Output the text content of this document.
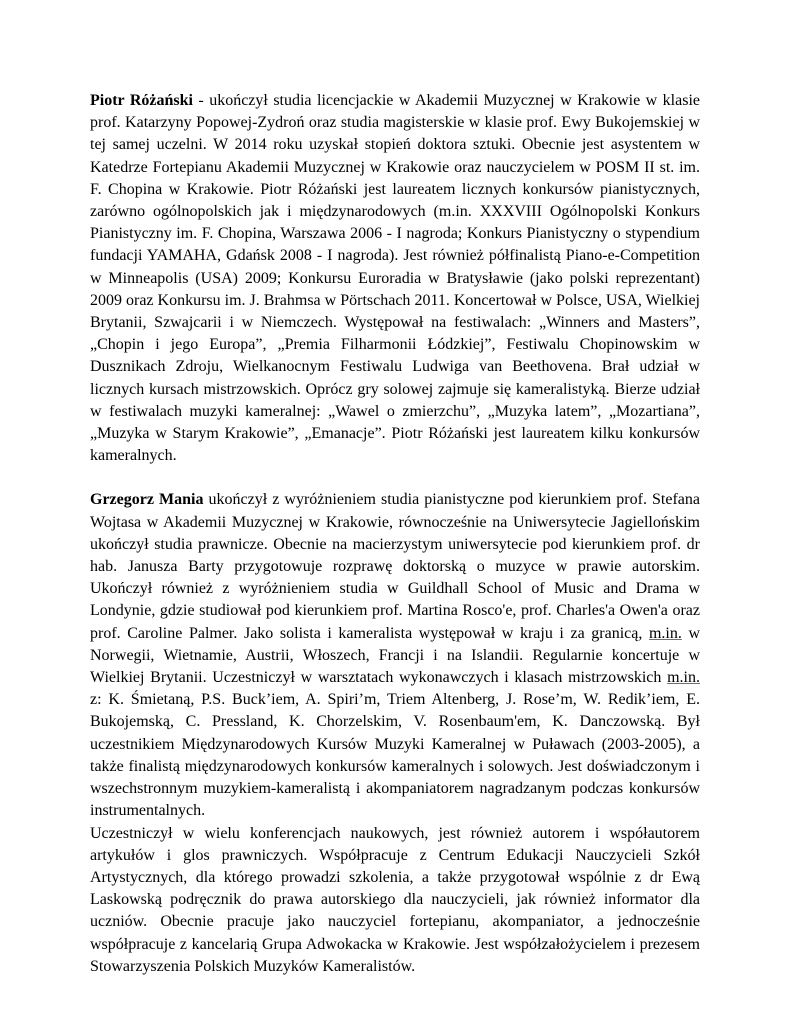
Piotr Różański - ukończył studia licencjackie w Akademii Muzycznej w Krakowie w klasie prof. Katarzyny Popowej-Zydroń oraz studia magisterskie w klasie prof. Ewy Bukojemskiej w tej samej uczelni. W 2014 roku uzyskał stopień doktora sztuki. Obecnie jest asystentem w Katedrze Fortepianu Akademii Muzycznej w Krakowie oraz nauczycielem w POSM II st. im. F. Chopina w Krakowie. Piotr Różański jest laureatem licznych konkursów pianistycznych, zarówno ogólnopolskich jak i międzynarodowych (m.in. XXXVIII Ogólnopolski Konkurs Pianistyczny im. F. Chopina, Warszawa 2006 - I nagroda; Konkurs Pianistyczny o stypendium fundacji YAMAHA, Gdańsk 2008 - I nagroda). Jest również półfinalistą Piano-e-Competition w Minneapolis (USA) 2009; Konkursu Euroradia w Bratysławie (jako polski reprezentant) 2009 oraz Konkursu im. J. Brahmsa w Pörtschach 2011. Koncertował w Polsce, USA, Wielkiej Brytanii, Szwajcarii i w Niemczech. Występował na festiwalach: „Winners and Masters”, „Chopin i jego Europa”, „Premia Filharmonii Łódzkiej”, Festiwalu Chopinowskim w Dusznikach Zdroju, Wielkanocnym Festiwalu Ludwiga van Beethovena. Brał udział w licznych kursach mistrzowskich. Oprócz gry solowej zajmuje się kameralistyką. Bierze udział w festiwalach muzyki kameralnej: „Wawel o zmierzchu”, „Muzyka latem”, „Mozartiana”, „Muzyka w Starym Krakowie”, „Emanacje”. Piotr Różański jest laureatem kilku konkursów kameralnych.

Grzegorz Mania ukończył z wyróżnieniem studia pianistyczne pod kierunkiem prof. Stefana Wojtasa w Akademii Muzycznej w Krakowie, równocześnie na Uniwersytecie Jagiellońskim ukończył studia prawnicze. Obecnie na macierzystym uniwersytecie pod kierunkiem prof. dr hab. Janusza Barty przygotowuje rozprawę doktorską o muzyce w prawie autorskim. Ukończył również z wyróżnieniem studia w Guildhall School of Music and Drama w Londynie, gdzie studiował pod kierunkiem prof. Martina Rosco'e, prof. Charles'a Owen'a oraz prof. Caroline Palmer. Jako solista i kameralista występował w kraju i za granicą, m.in. w Norwegii, Wietnamie, Austrii, Włoszech, Francji i na Islandii. Regularnie koncertuje w Wielkiej Brytanii. Uczestniczył w warsztatach wykonawczych i klasach mistrzowskich m.in. z: K. Śmietaną, P.S. Buck’iem, A. Spiri’m, Triem Altenberg, J. Rose’m, W. Redik’iem, E. Bukojemską, C. Pressland, K. Chorzelskim, V. Rosenbaum'em, K. Danczowską. Był uczestnikiem Międzynarodowych Kursów Muzyki Kameralnej w Puławach (2003-2005), a także finalistą międzynarodowych konkursów kameralnych i solowych. Jest doświadczonym i wszechstronnym muzykiem-kameralistą i akompaniatorem nagradzanym podczas konkursów instrumentalnych.

Uczestniczył w wielu konferencjach naukowych, jest również autorem i współautorem artykułów i glos prawniczych. Współpracuje z Centrum Edukacji Nauczycieli Szkół Artystycznych, dla którego prowadzi szkolenia, a także przygotował wspólnie z dr Ewą Laskowską podręcznik do prawa autorskiego dla nauczycieli, jak również informator dla uczniów. Obecnie pracuje jako nauczyciel fortepianu, akompaniator, a jednocześnie współpracuje z kancelarią Grupa Adwokacka w Krakowie. Jest współzałożycielem i prezesem Stowarzyszenia Polskich Muzyków Kameralistów.
